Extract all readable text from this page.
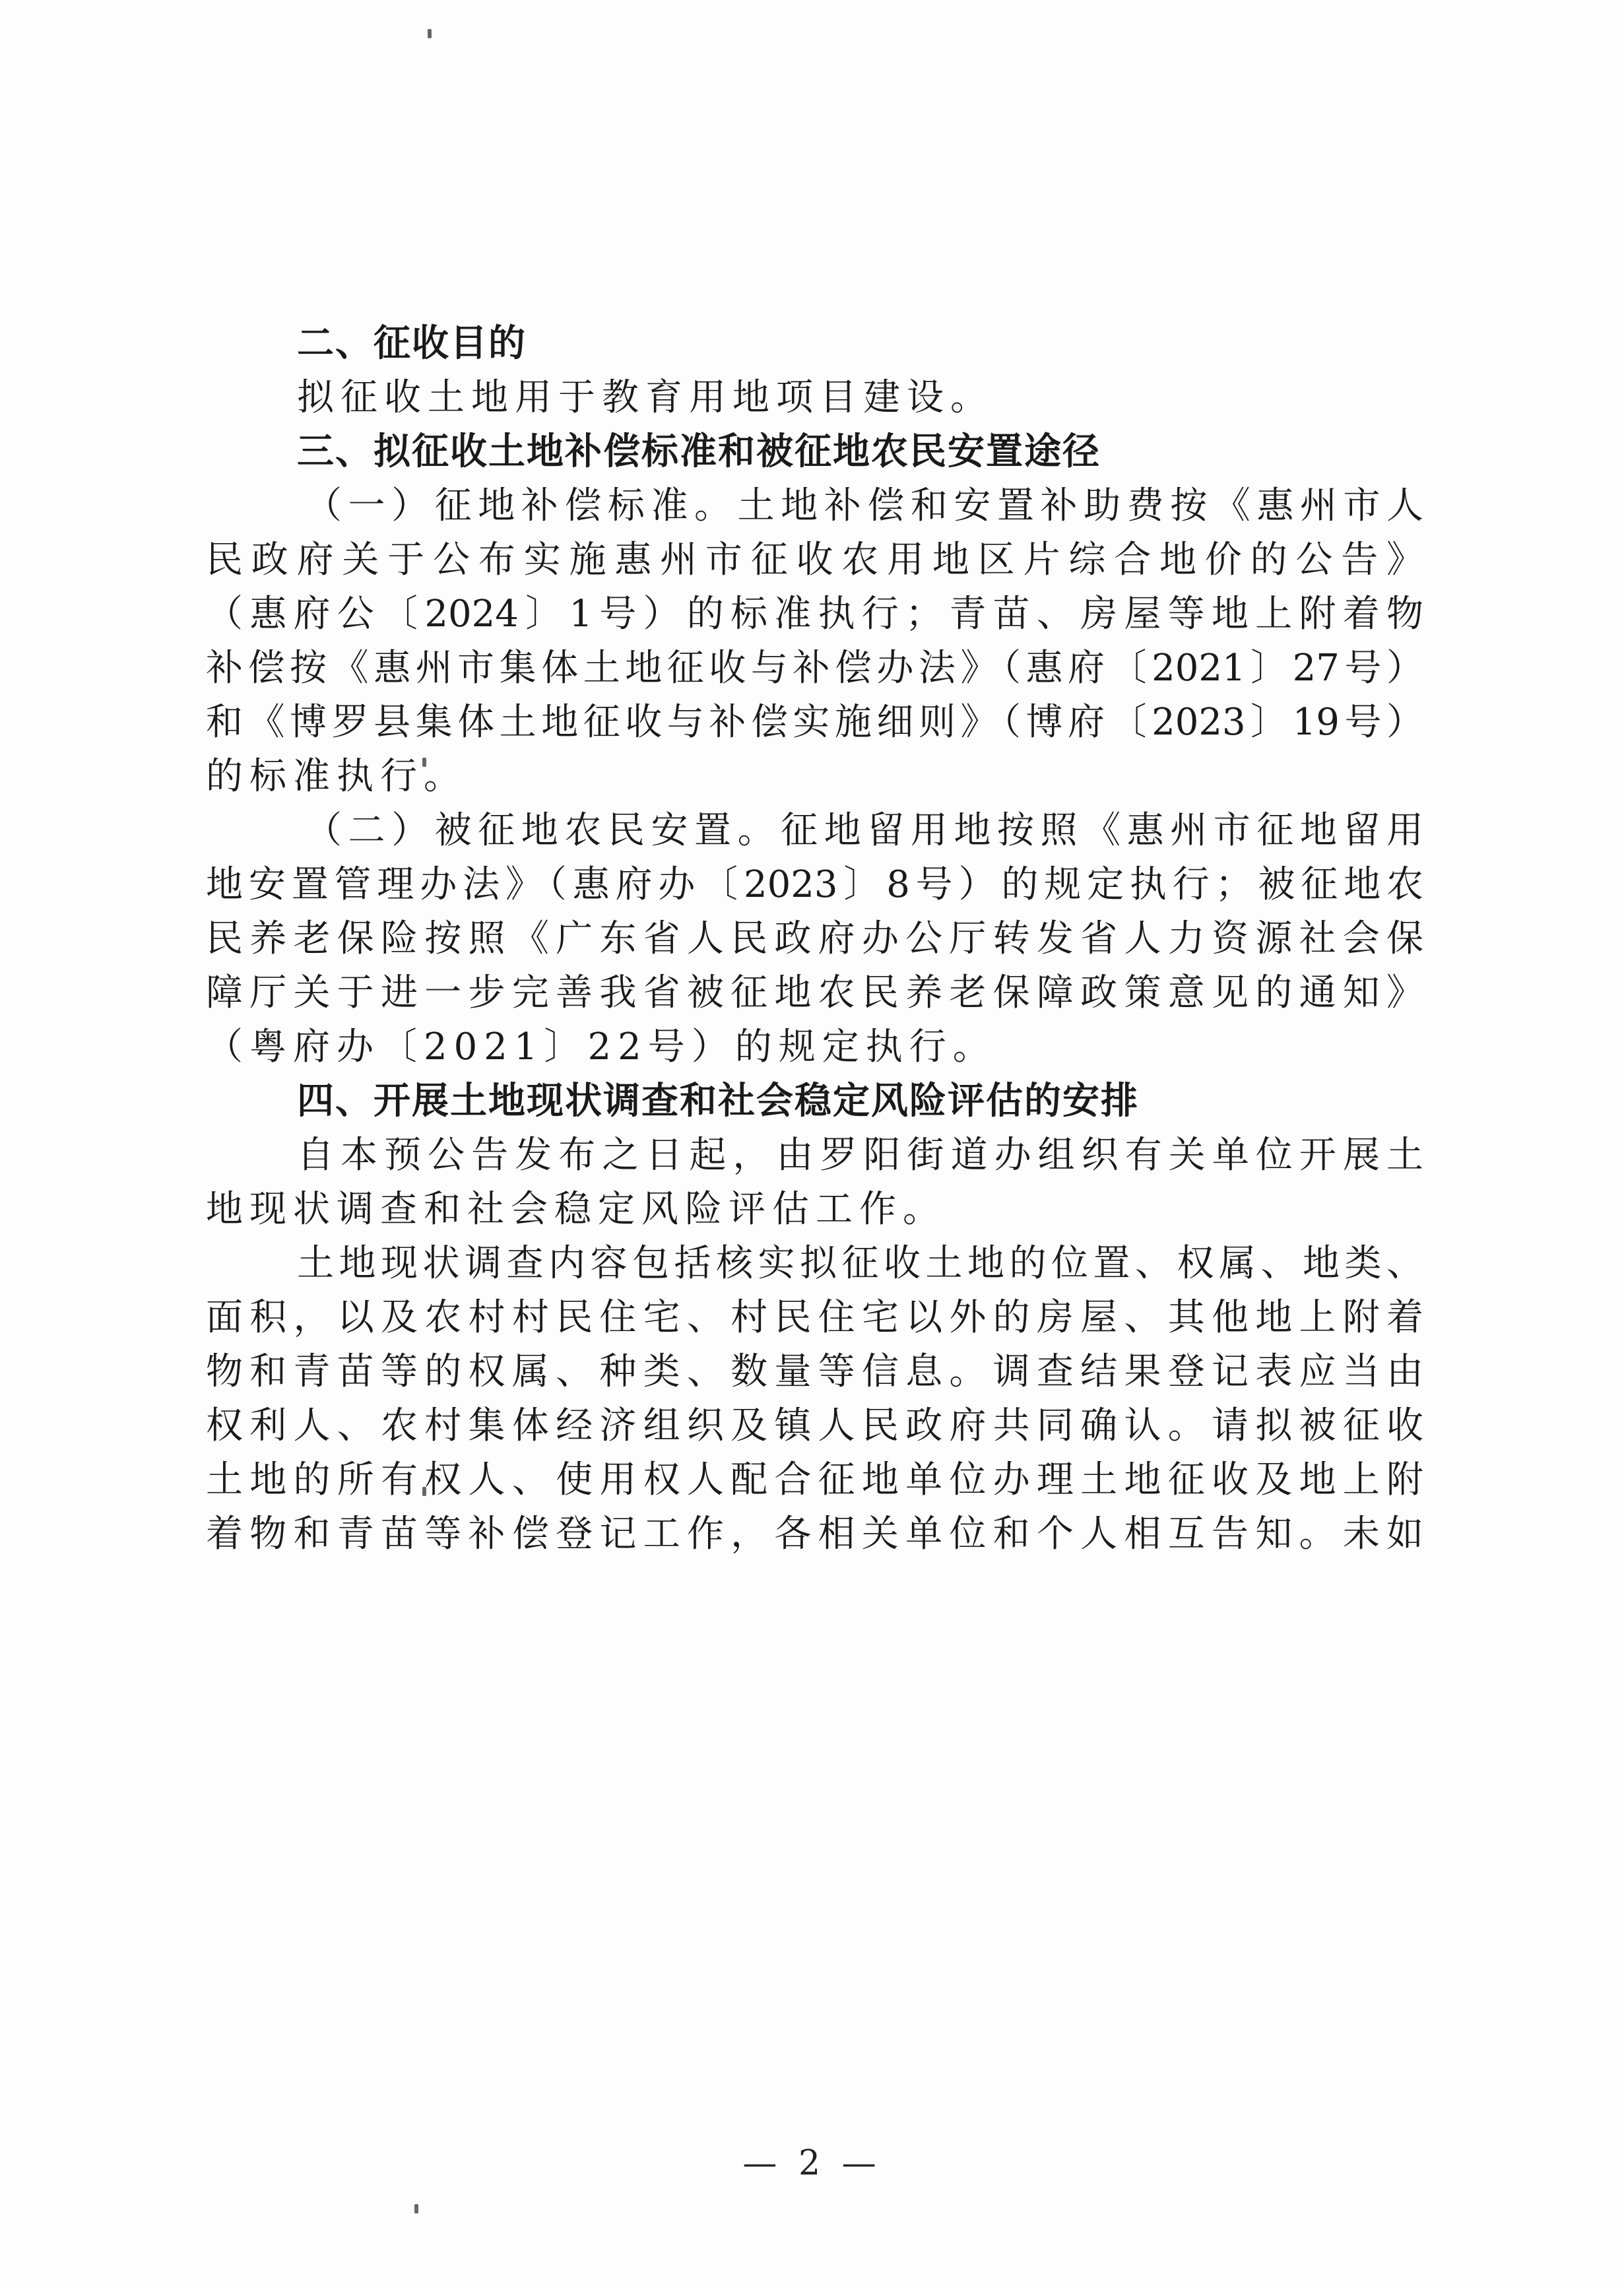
二、征收目的
拟征收土地用于教育用地项目建设。
三、拟征收土地补偿标准和被征地农民安置途径
（一）征地补偿标准。土地补偿和安置补助费按《惠州市人
民政府关于公布实施惠州市征收农用地区片综合地价的公告》
（惠府公〔2024〕1号）的标准执行；青苗、房屋等地上附着物
补偿按《惠州市集体土地征收与补偿办法》（惠府〔2021〕27号）
和《博罗县集体土地征收与补偿实施细则》（博府〔2023〕19号）
的标准执行。
（二）被征地农民安置。征地留用地按照《惠州市征地留用
地安置管理办法》（惠府办〔2023〕8号）的规定执行；被征地农
民养老保险按照《广东省人民政府办公厅转发省人力资源社会保
障厅关于进一步完善我省被征地农民养老保障政策意见的通知》
（粤府办〔2021〕22号）的规定执行。
四、开展土地现状调查和社会稳定风险评估的安排
自本预公告发布之日起，由罗阳街道办组织有关单位开展土
地现状调查和社会稳定风险评估工作。
土地现状调查内容包括核实拟征收土地的位置、权属、地类、
面积，以及农村村民住宅、村民住宅以外的房屋、其他地上附着
物和青苗等的权属、种类、数量等信息。调查结果登记表应当由
权利人、农村集体经济组织及镇人民政府共同确认。请拟被征收
土地的所有权人、使用权人配合征地单位办理土地征收及地上附
着物和青苗等补偿登记工作，各相关单位和个人相互告知。未如
— 2 —
